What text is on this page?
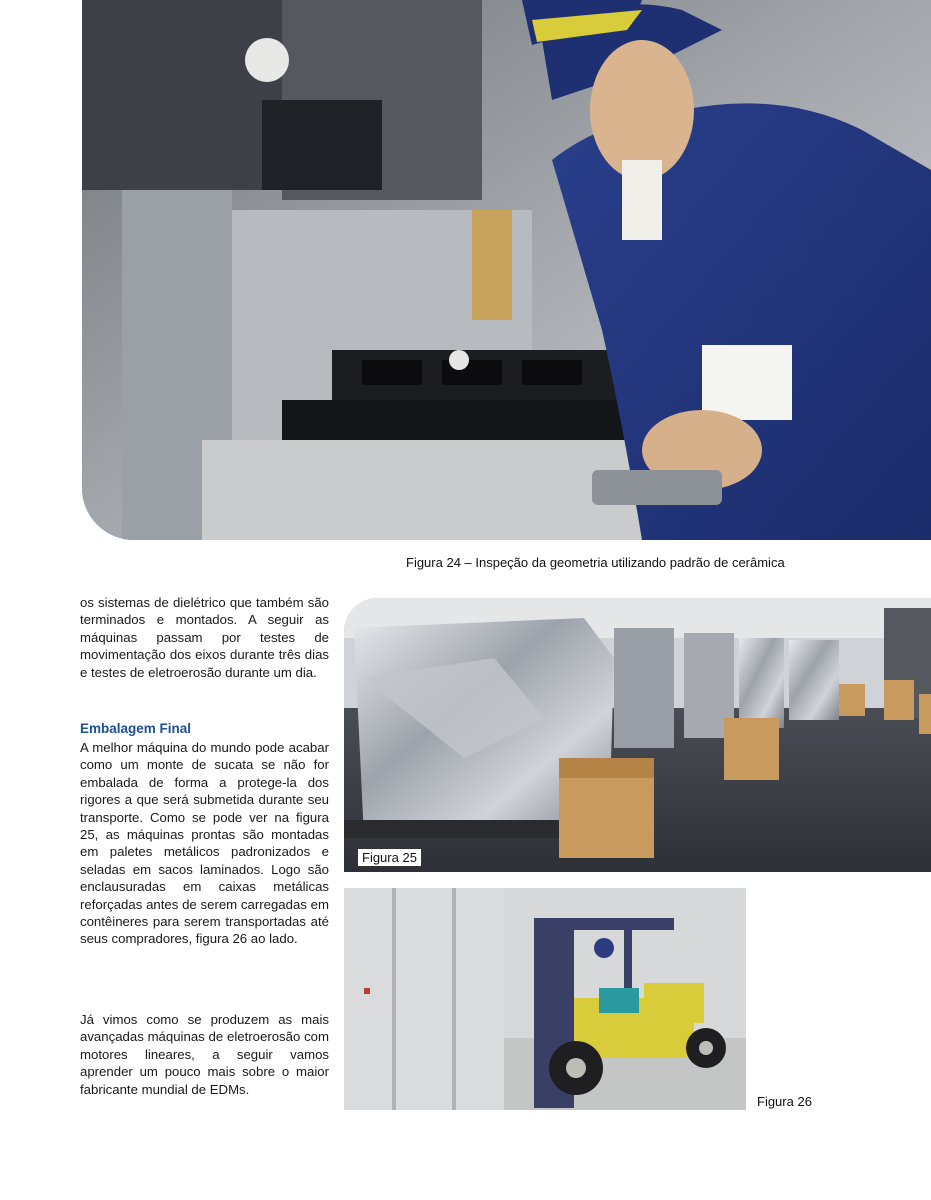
Figura 24 – Inspeção da geometria utilizando padrão de cerâmica
Figura 25
Figura 26

os sistemas de dielétrico que também são terminados e montados. A seguir as máquinas passam por testes de movimentação dos eixos durante três dias e testes de eletroerosão durante um dia.

Embalagem Final

A melhor máquina do mundo pode acabar como um monte de sucata se não for embalada de forma a protege-la dos rigores a que será submetida durante seu transporte. Como se pode ver na figura 25, as máquinas prontas são montadas em paletes metálicos padronizados e seladas em sacos laminados. Logo são enclausuradas em caixas metálicas reforçadas antes de serem carregadas em contêineres para serem transportadas até seus compradores, figura 26 ao lado.

Já vimos como se produzem as mais avançadas máquinas de eletroerosão com motores lineares, a seguir vamos aprender um pouco mais sobre o maior fabricante mundial de EDMs.
